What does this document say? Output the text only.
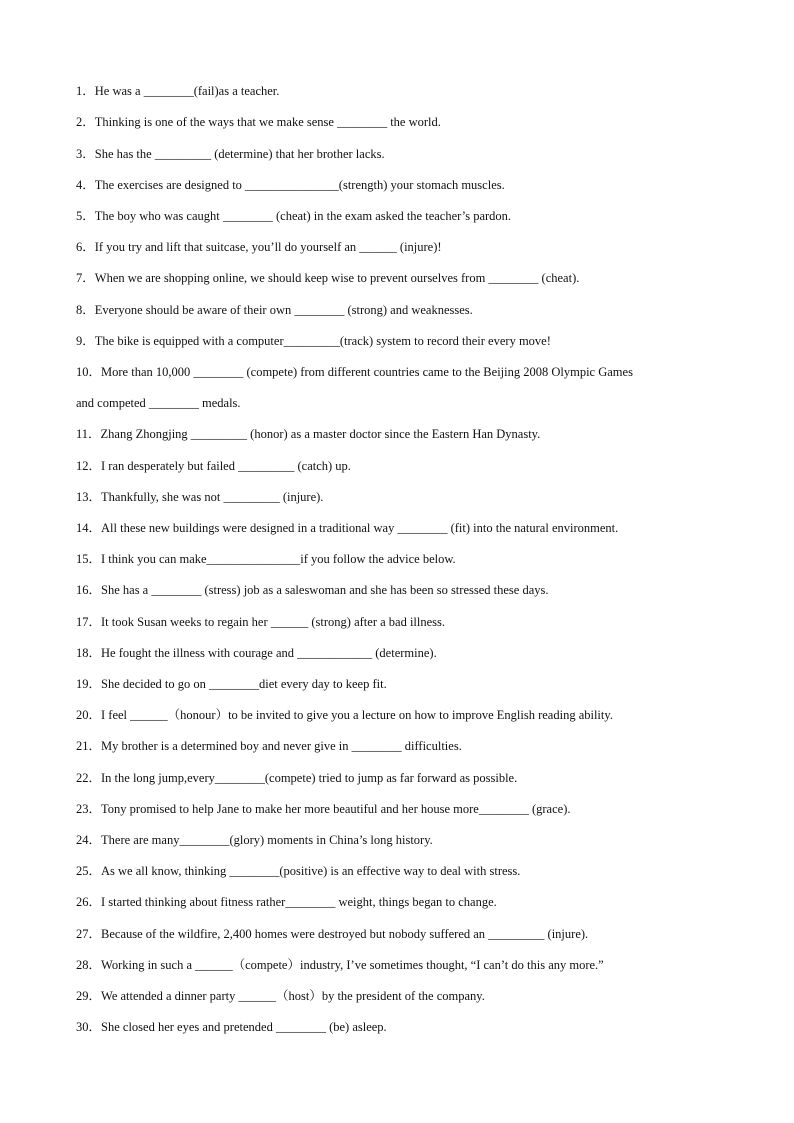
1．He was a ________(fail)as a teacher.
2．Thinking is one of the ways that we make sense ________ the world.
3．She has the _________ (determine) that her brother lacks.
4．The exercises are designed to _______________(strength) your stomach muscles.
5．The boy who was caught ________ (cheat) in the exam asked the teacher’s pardon.
6．If you try and lift that suitcase, you’ll do yourself an ______ (injure)!
7．When we are shopping online, we should keep wise to prevent ourselves from ________ (cheat).
8．Everyone should be aware of their own ________ (strong) and weaknesses.
9．The bike is equipped with a computer_________(track) system to record their every move!
10．More than 10,000 ________ (compete) from different countries came to the Beijing 2008 Olympic Games
and competed ________ medals.
11．Zhang Zhongjing _________ (honor) as a master doctor since the Eastern Han Dynasty.
12．I ran desperately but failed _________ (catch) up.
13．Thankfully, she was not _________ (injure).
14．All these new buildings were designed in a traditional way ________ (fit) into the natural environment.
15．I think you can make_______________if you follow the advice below.
16．She has a ________ (stress) job as a saleswoman and she has been so stressed these days.
17．It took Susan weeks to regain her ______ (strong) after a bad illness.
18．He fought the illness with courage and ____________ (determine).
19．She decided to go on ________diet every day to keep fit.
20．I feel ______（honour）to be invited to give you a lecture on how to improve English reading ability.
21．My brother is a determined boy and never give in ________ difficulties.
22．In the long jump,every________(compete) tried to jump as far forward as possible.
23．Tony promised to help Jane to make her more beautiful and her house more________ (grace).
24．There are many________(glory) moments in China’s long history.
25．As we all know, thinking ________(positive) is an effective way to deal with stress.
26．I started thinking about fitness rather________ weight, things began to change.
27．Because of the wildfire, 2,400 homes were destroyed but nobody suffered an _________ (injure).
28．Working in such a ______（compete）industry, I’ve sometimes thought, “I can’t do this any more.”
29．We attended a dinner party ______（host）by the president of the company.
30．She closed her eyes and pretended ________ (be) asleep.
